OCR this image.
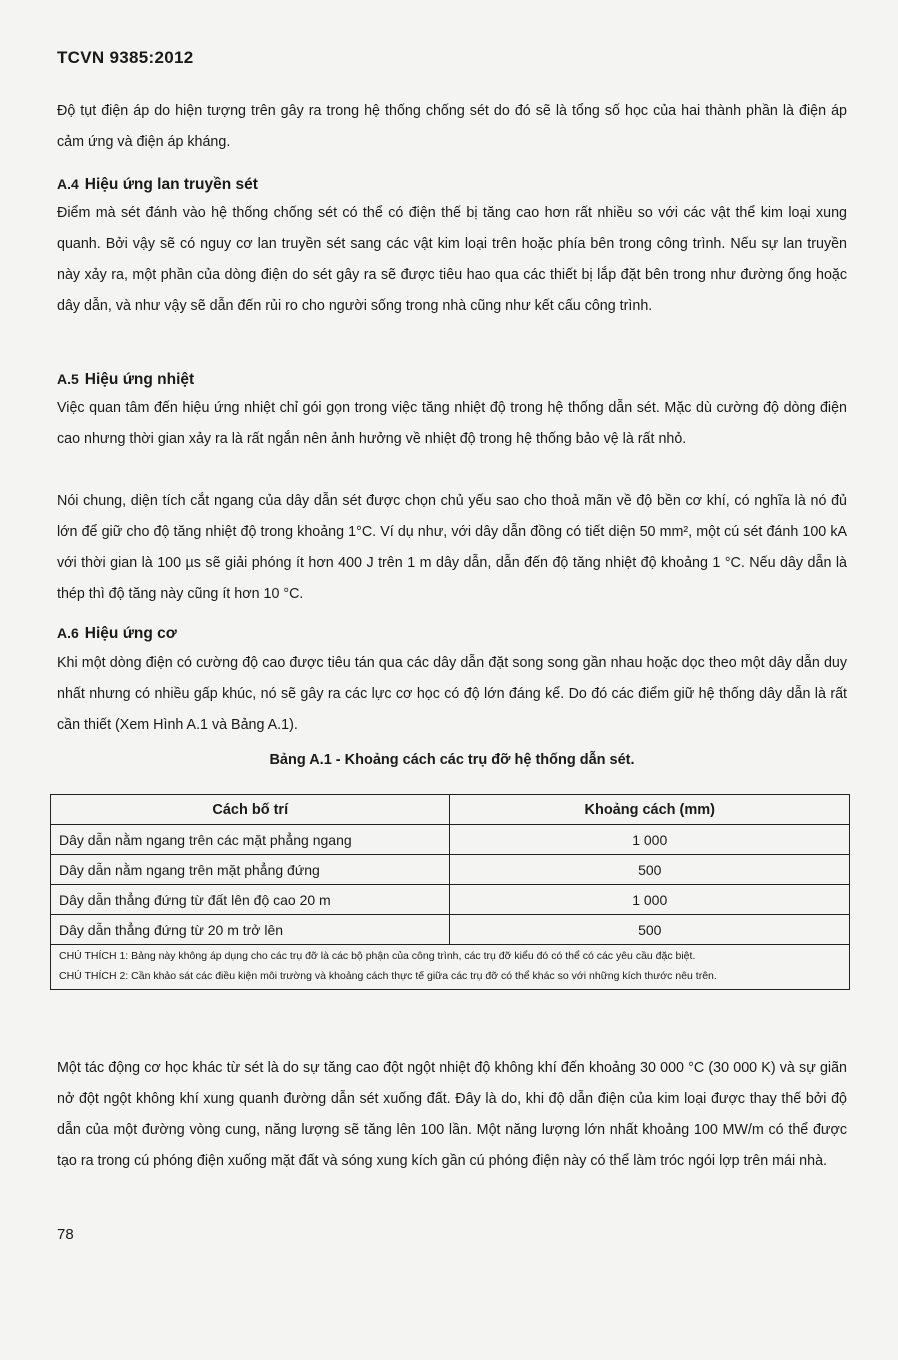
TCVN 9385:2012

Độ tụt điện áp do hiện tượng trên gây ra trong hệ thống chống sét do đó sẽ là tổng số học của hai thành phần là điện áp cảm ứng và điện áp kháng.

A.4 Hiệu ứng lan truyền sét

Điểm mà sét đánh vào hệ thống chống sét có thể có điện thế bị tăng cao hơn rất nhiều so với các vật thể kim loại xung quanh. Bởi vậy sẽ có nguy cơ lan truyền sét sang các vật kim loại trên hoặc phía bên trong công trình. Nếu sự lan truyền này xảy ra, một phần của dòng điện do sét gây ra sẽ được tiêu hao qua các thiết bị lắp đặt bên trong như đường ống hoặc dây dẫn, và như vậy sẽ dẫn đến rủi ro cho người sống trong nhà cũng như kết cấu công trình.

A.5 Hiệu ứng nhiệt

Việc quan tâm đến hiệu ứng nhiệt chỉ gói gọn trong việc tăng nhiệt độ trong hệ thống dẫn sét. Mặc dù cường độ dòng điện cao nhưng thời gian xảy ra là rất ngắn nên ảnh hưởng về nhiệt độ trong hệ thống bảo vệ là rất nhỏ.

Nói chung, diện tích cắt ngang của dây dẫn sét được chọn chủ yếu sao cho thoả mãn về độ bền cơ khí, có nghĩa là nó đủ lớn để giữ cho độ tăng nhiệt độ trong khoảng 1°C. Ví dụ như, với dây dẫn đồng có tiết diện 50 mm², một cú sét đánh 100 kA với thời gian là 100 µs sẽ giải phóng ít hơn 400 J trên 1 m dây dẫn, dẫn đến độ tăng nhiệt độ khoảng 1 °C. Nếu dây dẫn là thép thì độ tăng này cũng ít hơn 10 °C.

A.6 Hiệu ứng cơ

Khi một dòng điện có cường độ cao được tiêu tán qua các dây dẫn đặt song song gần nhau hoặc dọc theo một dây dẫn duy nhất nhưng có nhiều gấp khúc, nó sẽ gây ra các lực cơ học có độ lớn đáng kể. Do đó các điểm giữ hệ thống dây dẫn là rất cần thiết (Xem Hình A.1 và Bảng A.1).

Bảng A.1 - Khoảng cách các trụ đỡ hệ thống dẫn sét.
Cách bố trí	Khoảng cách (mm)
Dây dẫn nằm ngang trên các mặt phẳng ngang	1 000
Dây dẫn nằm ngang trên mặt phẳng đứng	500
Dây dẫn thẳng đứng từ đất lên độ cao 20 m	1 000
Dây dẫn thẳng đứng từ 20 m trở lên	500

CHÚ THÍCH 1: Bảng này không áp dụng cho các trụ đỡ là các bộ phận của công trình, các trụ đỡ kiểu đó có thể có các yêu cầu đặc biệt.
CHÚ THÍCH 2: Cần khảo sát các điều kiện môi trường và khoảng cách thực tế giữa các trụ đỡ có thể khác so với những kích thước nêu trên.	

Một tác động cơ học khác từ sét là do sự tăng cao đột ngột nhiệt độ không khí đến khoảng 30 000 °C (30 000 K) và sự giãn nở đột ngột không khí xung quanh đường dẫn sét xuống đất. Đây là do, khi độ dẫn điện của kim loại được thay thế bởi độ dẫn của một đường vòng cung, năng lượng sẽ tăng lên 100 lần. Một năng lượng lớn nhất khoảng 100 MW/m có thể được tạo ra trong cú phóng điện xuống mặt đất và sóng xung kích gần cú phóng điện này có thể làm tróc ngói lợp trên mái nhà.

78
